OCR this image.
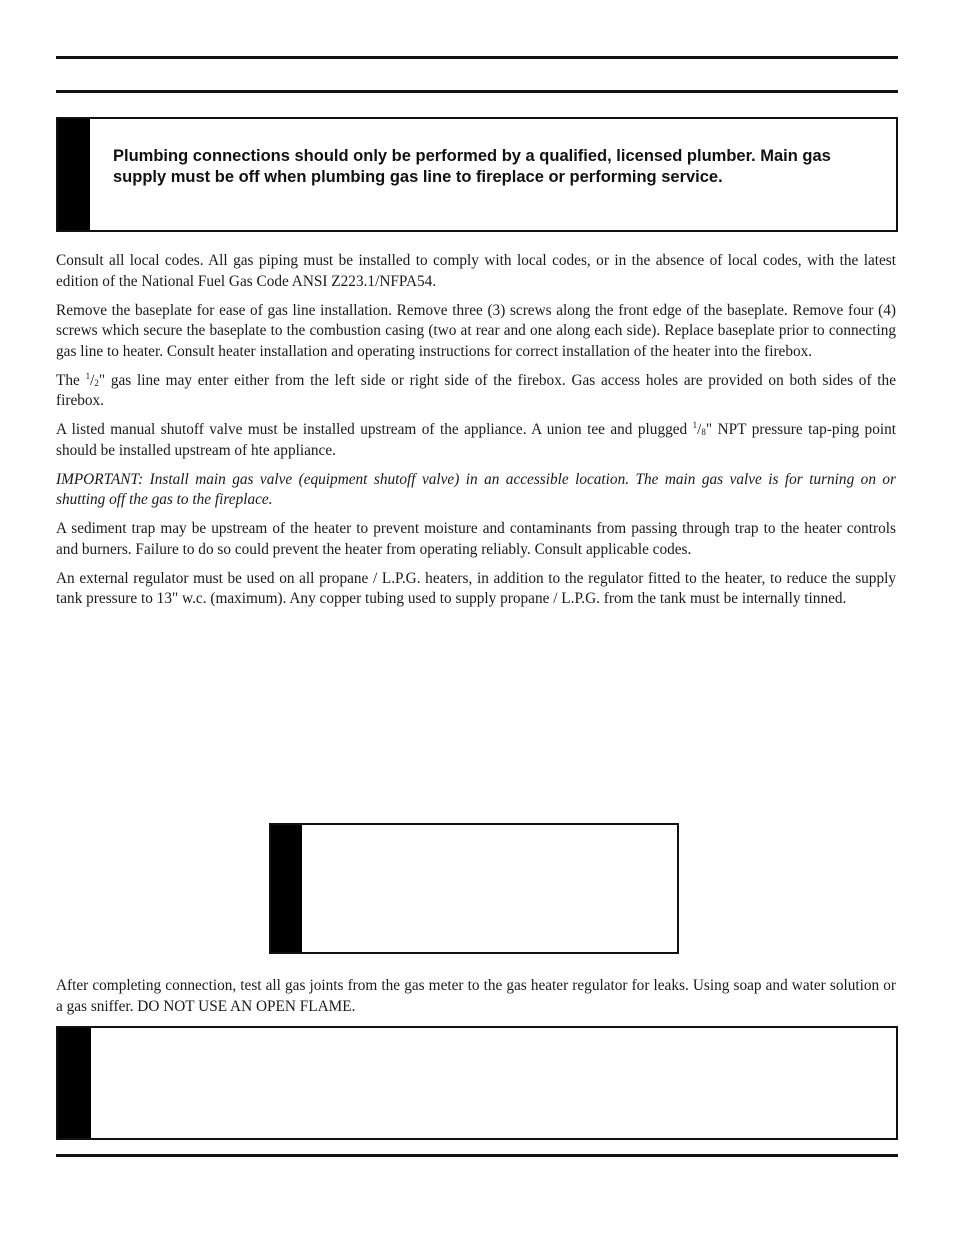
Plumbing connections should only be performed by a qualified, licensed plumber. Main gas supply must be off when plumbing gas line to fireplace or performing service.

Consult all local codes. All gas piping must be installed to comply with local codes, or in the absence of local codes, with the latest edition of the National Fuel Gas Code ANSI Z223.1/NFPA54.

Remove the baseplate for ease of gas line installation. Remove three (3) screws along the front edge of the baseplate. Remove four (4) screws which secure the baseplate to the combustion casing (two at rear and one along each side). Replace baseplate prior to connecting gas line to heater. Consult heater installation and operating instructions for correct installation of the heater into the firebox.

The $^1/_2$" gas line may enter either from the left side or right side of the firebox. Gas access holes are provided on both sides of the firebox.

A listed manual shutoff valve must be installed upstream of the appliance. A union tee and plugged $^1/_8$" NPT pressure tap-ping point should be installed upstream of hte appliance.

IMPORTANT: Install main gas valve (equipment shutoff valve) in an accessible location. The main gas valve is for turning on or shutting off the gas to the fireplace.

A sediment trap may be upstream of the heater to prevent moisture and contaminants from passing through trap to the heater controls and burners. Failure to do so could prevent the heater from operating reliably. Consult applicable codes.

An external regulator must be used on all propane / L.P.G. heaters, in addition to the regulator fitted to the heater, to reduce the supply tank pressure to 13" w.c. (maximum). Any copper tubing used to supply propane / L.P.G. from the tank must be internally tinned.

After completing connection, test all gas joints from the gas meter to the gas heater regulator for leaks. Using soap and water solution or a gas sniffer. DO NOT USE AN OPEN FLAME.
